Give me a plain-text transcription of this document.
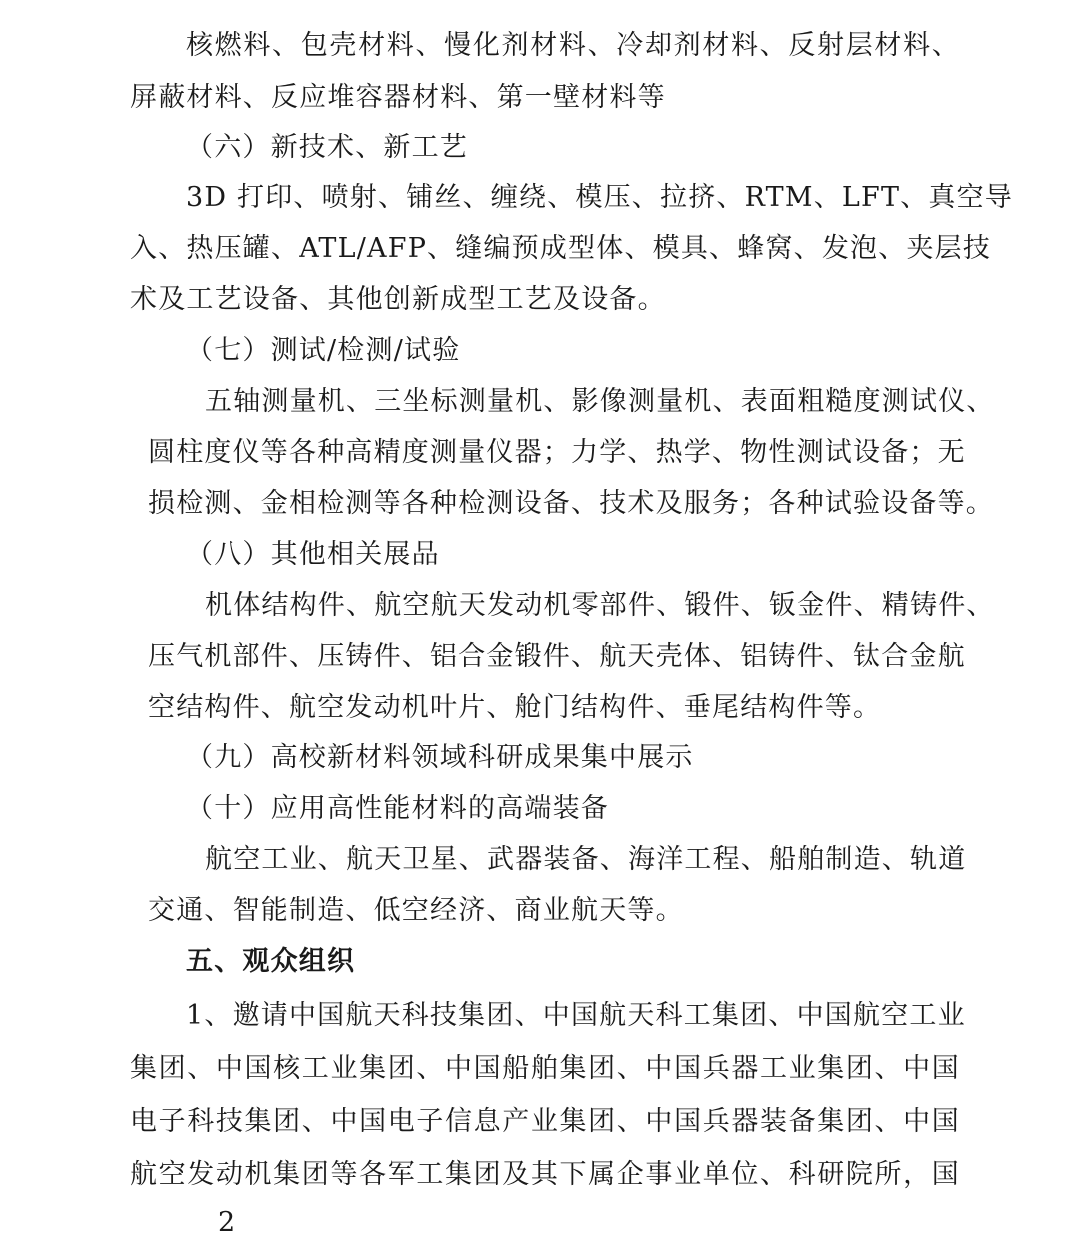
核燃料、包壳材料、慢化剂材料、冷却剂材料、反射层材料、
屏蔽材料、反应堆容器材料、第一壁材料等
（六）新技术、新工艺
3D 打印、喷射、铺丝、缠绕、模压、拉挤、RTM、LFT、真空导
入、热压罐、ATL/AFP、缝编预成型体、模具、蜂窝、发泡、夹层技
术及工艺设备、其他创新成型工艺及设备。
（七）测试/检测/试验
五轴测量机、三坐标测量机、影像测量机、表面粗糙度测试仪、
圆柱度仪等各种高精度测量仪器；力学、热学、物性测试设备；无
损检测、金相检测等各种检测设备、技术及服务；各种试验设备等。
（八）其他相关展品
机体结构件、航空航天发动机零部件、锻件、钣金件、精铸件、
压气机部件、压铸件、铝合金锻件、航天壳体、铝铸件、钛合金航
空结构件、航空发动机叶片、舱门结构件、垂尾结构件等。
（九）高校新材料领域科研成果集中展示
（十）应用高性能材料的高端装备
航空工业、航天卫星、武器装备、海洋工程、船舶制造、轨道
交通、智能制造、低空经济、商业航天等。
五、观众组织
1、邀请中国航天科技集团、中国航天科工集团、中国航空工业
集团、中国核工业集团、中国船舶集团、中国兵器工业集团、中国
电子科技集团、中国电子信息产业集团、中国兵器装备集团、中国
航空发动机集团等各军工集团及其下属企事业单位、科研院所，国
2
